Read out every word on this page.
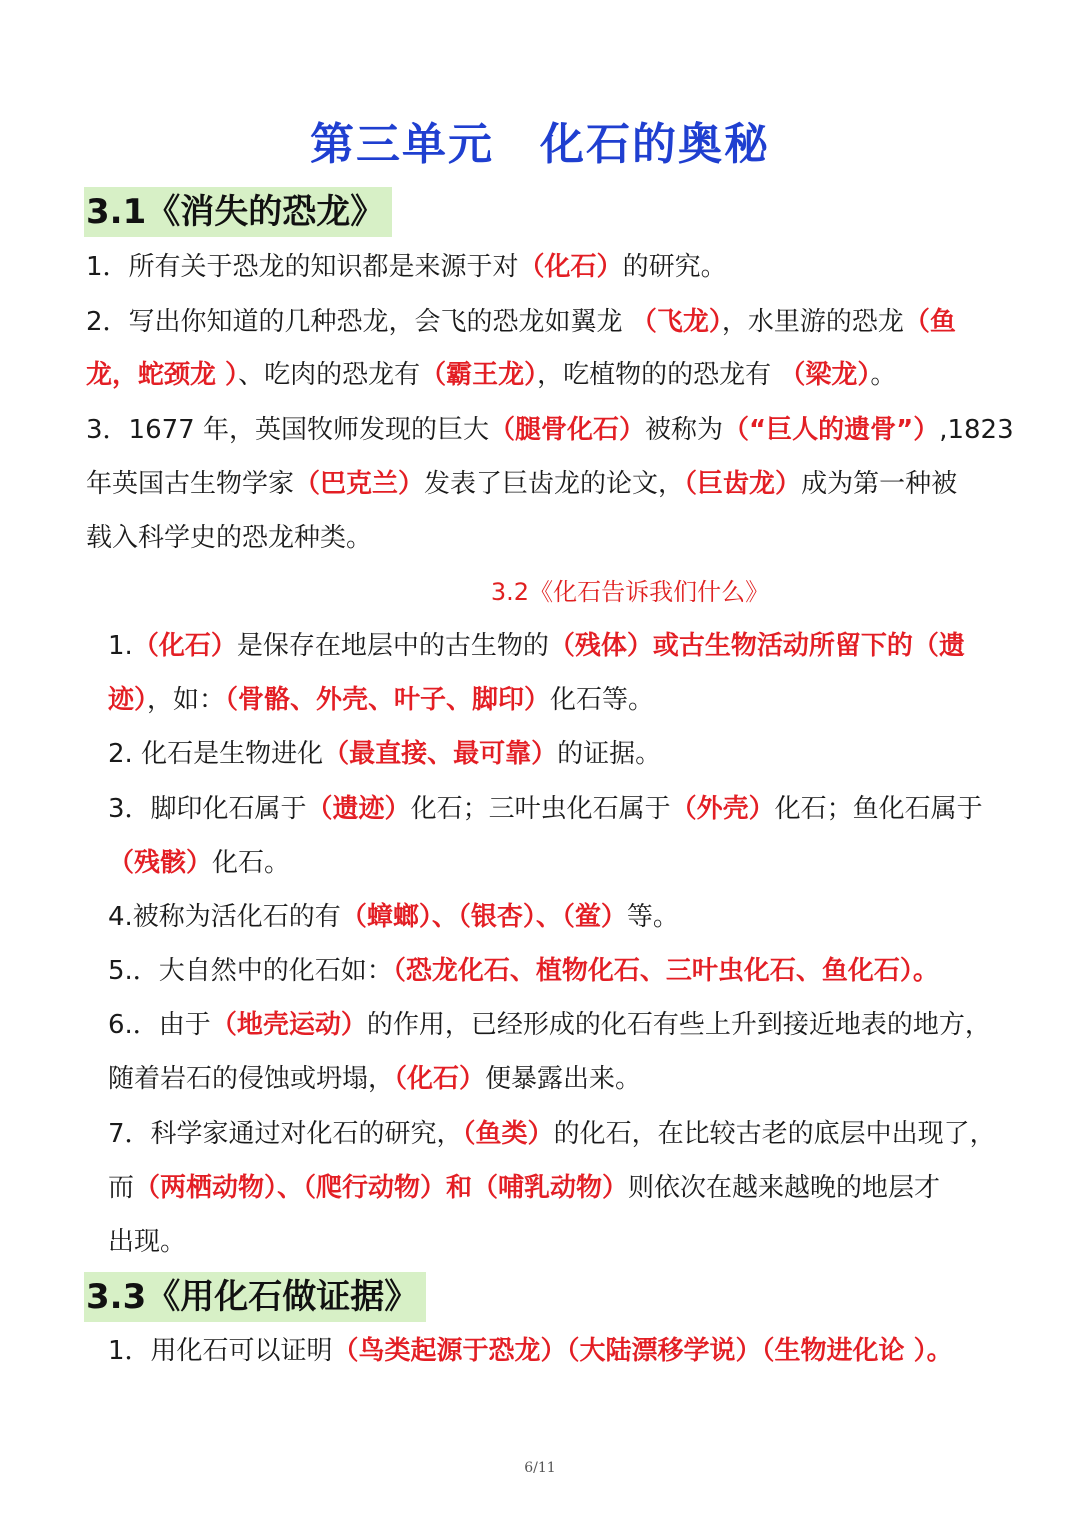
第三单元　化石的奥秘
3.1《消失的恐龙》
1．所有关于恐龙的知识都是来源于对（化石）的研究。
2．写出你知道的几种恐龙，会飞的恐龙如翼龙 （飞龙），水里游的恐龙（鱼
龙，蛇颈龙 ）、吃肉的恐龙有（霸王龙），吃植物的的恐龙有 （梁龙）。
3．1677 年，英国牧师发现的巨大（腿骨化石）被称为（“巨人的遗骨”）,1823
年英国古生物学家（巴克兰）发表了巨齿龙的论文，（巨齿龙）成为第一种被
载入科学史的恐龙种类。
3.2《化石告诉我们什么》
1.（化石）是保存在地层中的古生物的（残体）或古生物活动所留下的（遗
迹），如：（骨骼、外壳、叶子、脚印）化石等。
2. 化石是生物进化（最直接、最可靠）的证据。
3．脚印化石属于（遗迹）化石；三叶虫化石属于（外壳）化石；鱼化石属于
（残骸）化石。
4.被称为活化石的有（蟑螂）、（银杏）、（鲎）等。
5.．大自然中的化石如：（恐龙化石、植物化石、三叶虫化石、鱼化石）。
6.．由于（地壳运动）的作用，已经形成的化石有些上升到接近地表的地方，
随着岩石的侵蚀或坍塌，（化石）便暴露出来。
7．科学家通过对化石的研究，（鱼类）的化石，在比较古老的底层中出现了，
而（两栖动物）、（爬行动物）和（哺乳动物）则依次在越来越晚的地层才
出现。
3.3《用化石做证据》
1．用化石可以证明（鸟类起源于恐龙）（大陆漂移学说）（生物进化论 ）。
6/11
